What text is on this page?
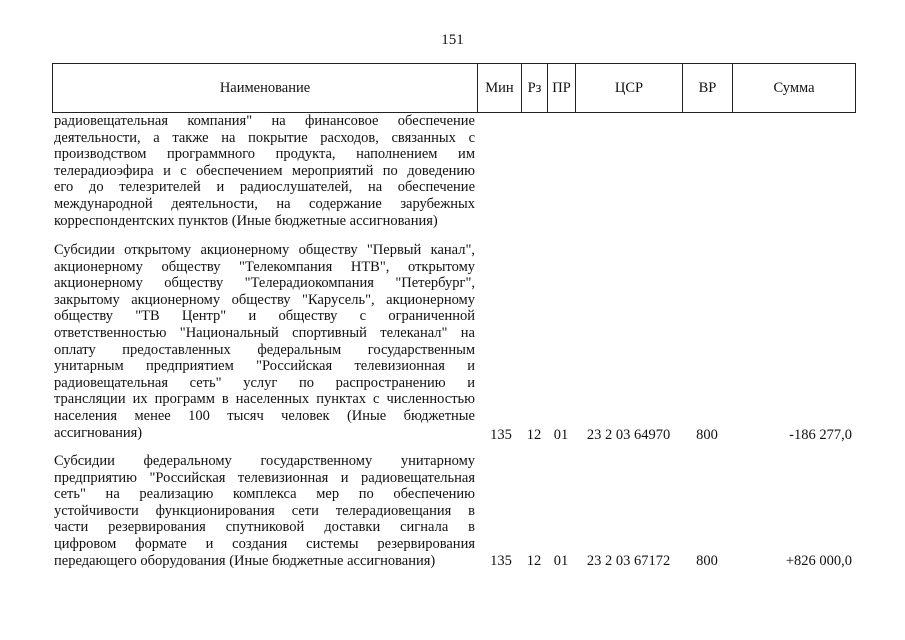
151
Наименование	Мин	Рз	ПР	ЦСР	ВР	Сумма
радиовещательная компания" на финансовое обеспечение
деятельности, а также на покрытие расходов, связанных с
производством программного продукта, наполнением им
телерадиоэфира и с обеспечением мероприятий по доведению
его до телезрителей и радиослушателей, на обеспечение
международной деятельности, на содержание зарубежных
корреспондентских пунктов (Иные бюджетные ассигнования)
Субсидии открытому акционерному обществу "Первый канал",
акционерному обществу "Телекомпания НТВ", открытому
акционерному обществу "Телерадиокомпания "Петербург",
закрытому акционерному обществу "Карусель", акционерному
обществу "ТВ Центр" и обществу с ограниченной
ответственностью "Национальный спортивный телеканал" на
оплату предоставленных федеральным государственным
унитарным предприятием "Российская телевизионная и
радиовещательная сеть" услуг по распространению и
трансляции их программ в населенных пунктах с численностью
населения менее 100 тысяч человек (Иные бюджетные
ассигнования)	135	12 01	23 2 03 64970	800	-186 277,0
Субсидии федеральному государственному унитарному
предприятию "Российская телевизионная и радиовещательная
сеть" на реализацию комплекса мер по обеспечению
устойчивости функционирования сети телерадиовещания в
части резервирования спутниковой доставки сигнала в
цифровом формате и создания системы резервирования
передающего оборудования (Иные бюджетные ассигнования)	135	12 01	23 2 03 67172	800	+826 000,0
